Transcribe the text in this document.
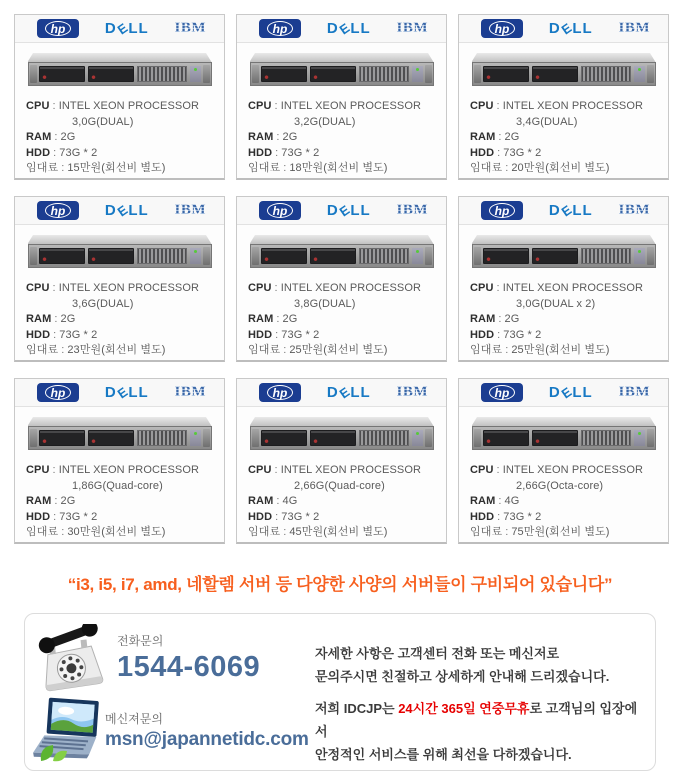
hp	D
E
LL IBM
CPU : INTEL XEON PROCESSOR
3,0G(DUAL)
RAM : 2G
HDD : 73G * 2
임대료 : 15만원(회선비 별도)
hp	D
E
LL IBM
CPU : INTEL XEON PROCESSOR
3,2G(DUAL)
RAM : 2G
HDD : 73G * 2
임대료 : 18만원(회선비 별도)
hp	D
E
LL IBM
CPU : INTEL XEON PROCESSOR
3,4G(DUAL)
RAM : 2G
HDD : 73G * 2
임대료 : 20만원(회선비 별도)
hp	D
E
LL IBM
CPU : INTEL XEON PROCESSOR
3,6G(DUAL)
RAM : 2G
HDD : 73G * 2
임대료 : 23만원(회선비 별도)
hp	D
E
LL IBM
CPU : INTEL XEON PROCESSOR
3,8G(DUAL)
RAM : 2G
HDD : 73G * 2
임대료 : 25만원(회선비 별도)
hp	D
E
LL IBM
CPU : INTEL XEON PROCESSOR
3,0G(DUAL x 2)
RAM : 2G
HDD : 73G * 2
임대료 : 25만원(회선비 별도)
hp	D
E
LL IBM
CPU : INTEL XEON PROCESSOR
1,86G(Quad-core)
RAM : 2G
HDD : 73G * 2
임대료 : 30만원(회선비 별도)
hp	D
E
LL IBM
CPU : INTEL XEON PROCESSOR
2,66G(Quad-core)
RAM : 4G
HDD : 73G * 2
임대료 : 45만원(회선비 별도)
hp	D
E
LL IBM
CPU : INTEL XEON PROCESSOR
2,66G(Octa-core)
RAM : 4G
HDD : 73G * 2
임대료 : 75만원(회선비 별도)
“i3, i5, i7, amd, 네할렘 서버 등 다양한 사양의 서버들이 구비되어 있습니다”
전화문의
1544-6069
메신져문의
msn@japannetidc.com
자세한 사항은 고객센터 전화 또는 메신저로
문의주시면 친절하고 상세하게 안내해 드리겠습니다.
저희 IDCJP는 24시간 365일 연중무휴로 고객님의 입장에서
안정적인 서비스를 위해 최선을 다하겠습니다.
